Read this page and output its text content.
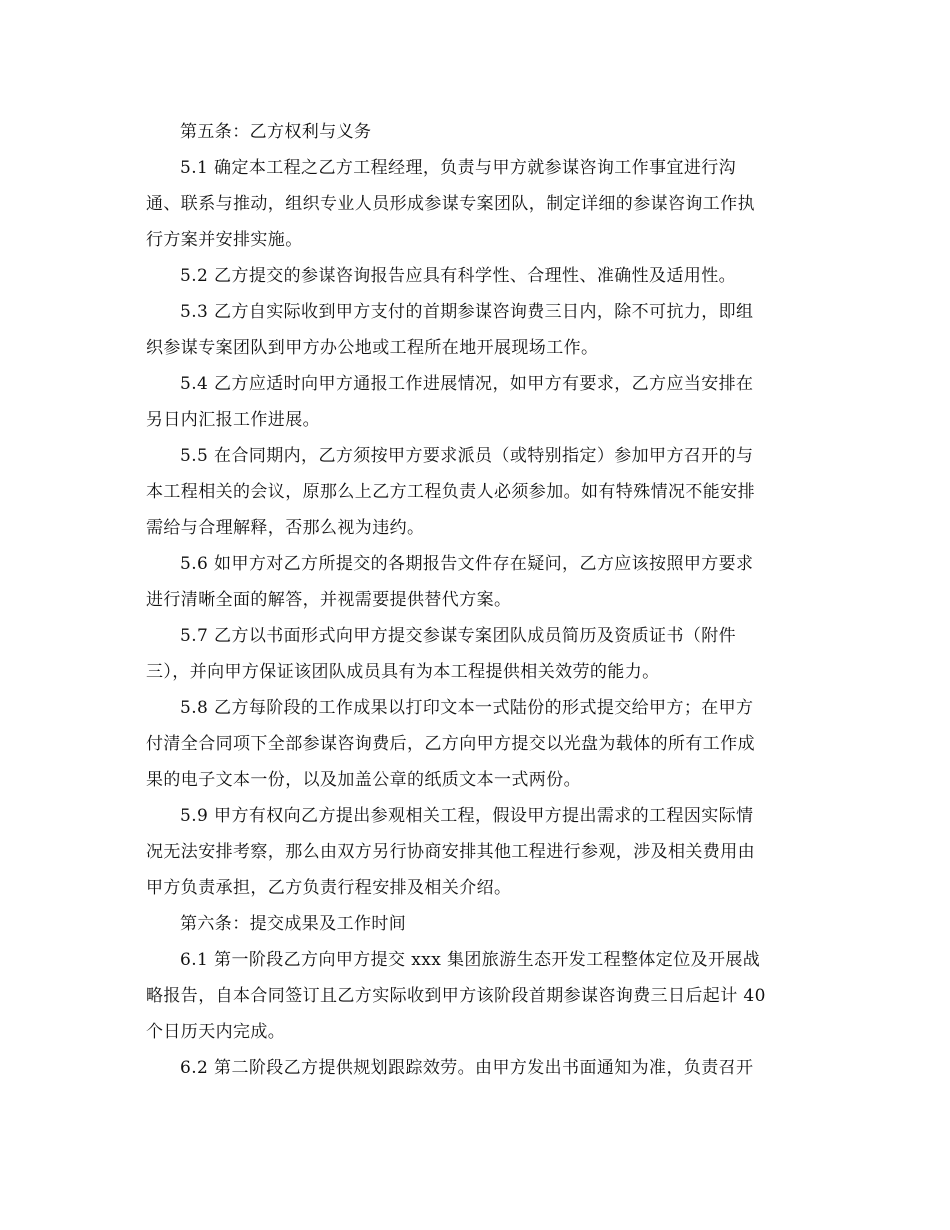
第五条：乙方权利与义务

5.1 确定本工程之乙方工程经理，负责与甲方就参谋咨询工作事宜进行沟
通、联系与推动，组织专业人员形成参谋专案团队，制定详细的参谋咨询工作执
行方案并安排实施。

5.2 乙方提交的参谋咨询报告应具有科学性、合理性、准确性及适用性。

5.3 乙方自实际收到甲方支付的首期参谋咨询费三日内，除不可抗力，即组
织参谋专案团队到甲方办公地或工程所在地开展现场工作。

5.4 乙方应适时向甲方通报工作进展情况，如甲方有要求，乙方应当安排在
另日内汇报工作进展。

5.5 在合同期内，乙方须按甲方要求派员（或特别指定）参加甲方召开的与
本工程相关的会议，原那么上乙方工程负责人必须参加。如有特殊情况不能安排
需给与合理解释，否那么视为违约。

5.6 如甲方对乙方所提交的各期报告文件存在疑问，乙方应该按照甲方要求
进行清晰全面的解答，并视需要提供替代方案。

5.7 乙方以书面形式向甲方提交参谋专案团队成员简历及资质证书（附件
三），并向甲方保证该团队成员具有为本工程提供相关效劳的能力。

5.8 乙方每阶段的工作成果以打印文本一式陆份的形式提交给甲方；在甲方
付清全合同项下全部参谋咨询费后，乙方向甲方提交以光盘为载体的所有工作成
果的电子文本一份，以及加盖公章的纸质文本一式两份。

5.9 甲方有权向乙方提出参观相关工程，假设甲方提出需求的工程因实际情
况无法安排考察，那么由双方另行协商安排其他工程进行参观，涉及相关费用由
甲方负责承担，乙方负责行程安排及相关介绍。

第六条：提交成果及工作时间

6.1 第一阶段乙方向甲方提交 xxx 集团旅游生态开发工程整体定位及开展战
略报告，自本合同签订且乙方实际收到甲方该阶段首期参谋咨询费三日后起计 40
个日历天内完成。

6.2 第二阶段乙方提供规划跟踪效劳。由甲方发出书面通知为准，负责召开
